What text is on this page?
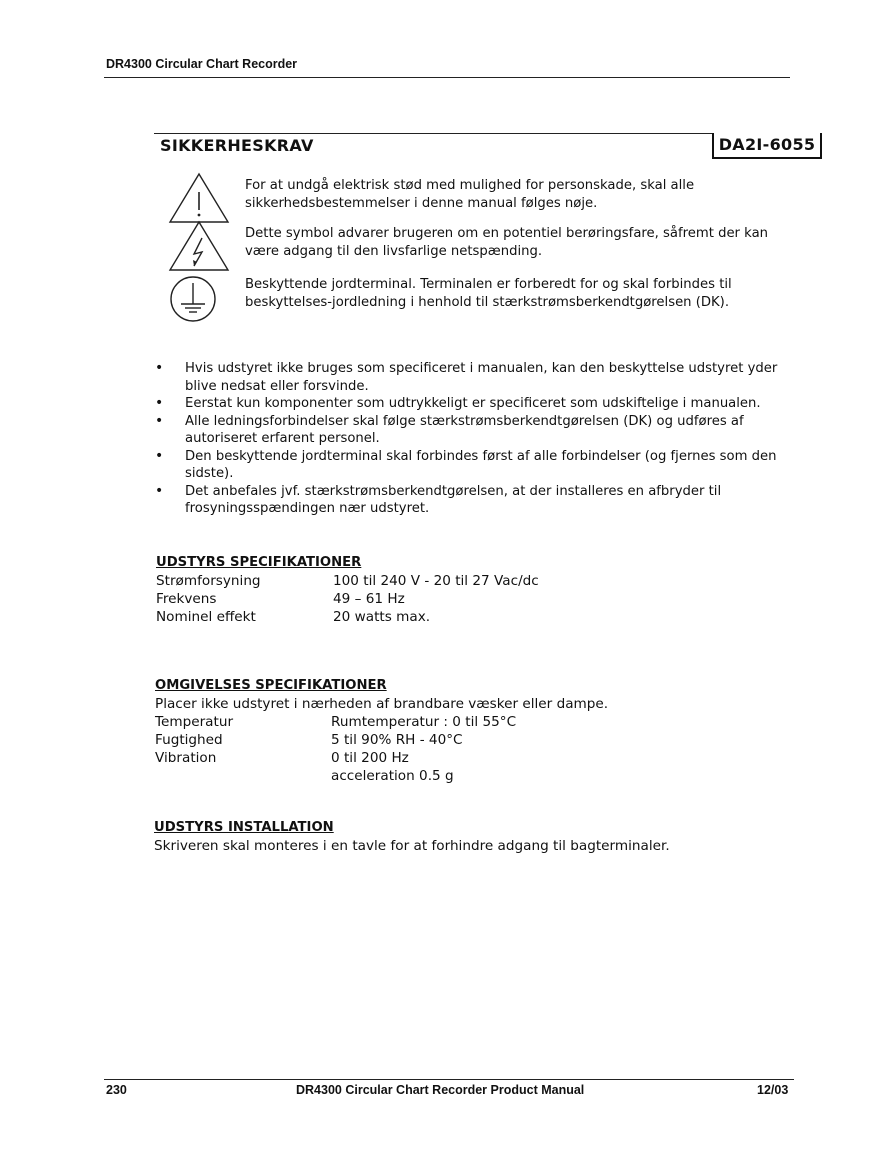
DR4300 Circular Chart Recorder
SIKKERHESKRAV	DA2I-6055
For at undgå elektrisk stød med mulighed for personskade, skal alle
sikkerhedsbestemmelser i denne manual følges nøje.
Dette symbol advarer brugeren om en potentiel berøringsfare, såfremt der kan
være adgang til den livsfarlige netspænding.
Beskyttende jordterminal. Terminalen er forberedt for og skal forbindes til
beskyttelses-jordledning i henhold til stærkstrømsberkendtgørelsen (DK).
• Hvis udstyret ikke bruges som specificeret i manualen, kan den beskyttelse udstyret yder
blive nedsat eller forsvinde.
• Eerstat kun komponenter som udtrykkeligt er specificeret som udskiftelige i manualen.
• Alle ledningsforbindelser skal følge stærkstrømsberkendtgørelsen (DK) og udføres af
autoriseret erfarent personel.
• Den beskyttende jordterminal skal forbindes først af alle forbindelser (og fjernes som den
sidste).
• Det anbefales jvf. stærkstrømsberkendtgørelsen, at der installeres en afbryder til
frosyningsspændingen nær udstyret.
UDSTYRS SPECIFIKATIONER
Strømforsyning	100 til 240 V - 20 til 27 Vac/dc
Frekvens	49 – 61 Hz
Nominel effekt	20 watts max.
OMGIVELSES SPECIFIKATIONER
Placer ikke udstyret i nærheden af brandbare væsker eller dampe.
Temperatur	Rumtemperatur : 0 til 55°C
Fugtighed	5 til 90% RH - 40°C
Vibration	0 til 200 Hz
acceleration 0.5 g
UDSTYRS INSTALLATION
Skriveren skal monteres i en tavle for at forhindre adgang til bagterminaler.
230	DR4300 Circular Chart Recorder Product Manual	12/03
